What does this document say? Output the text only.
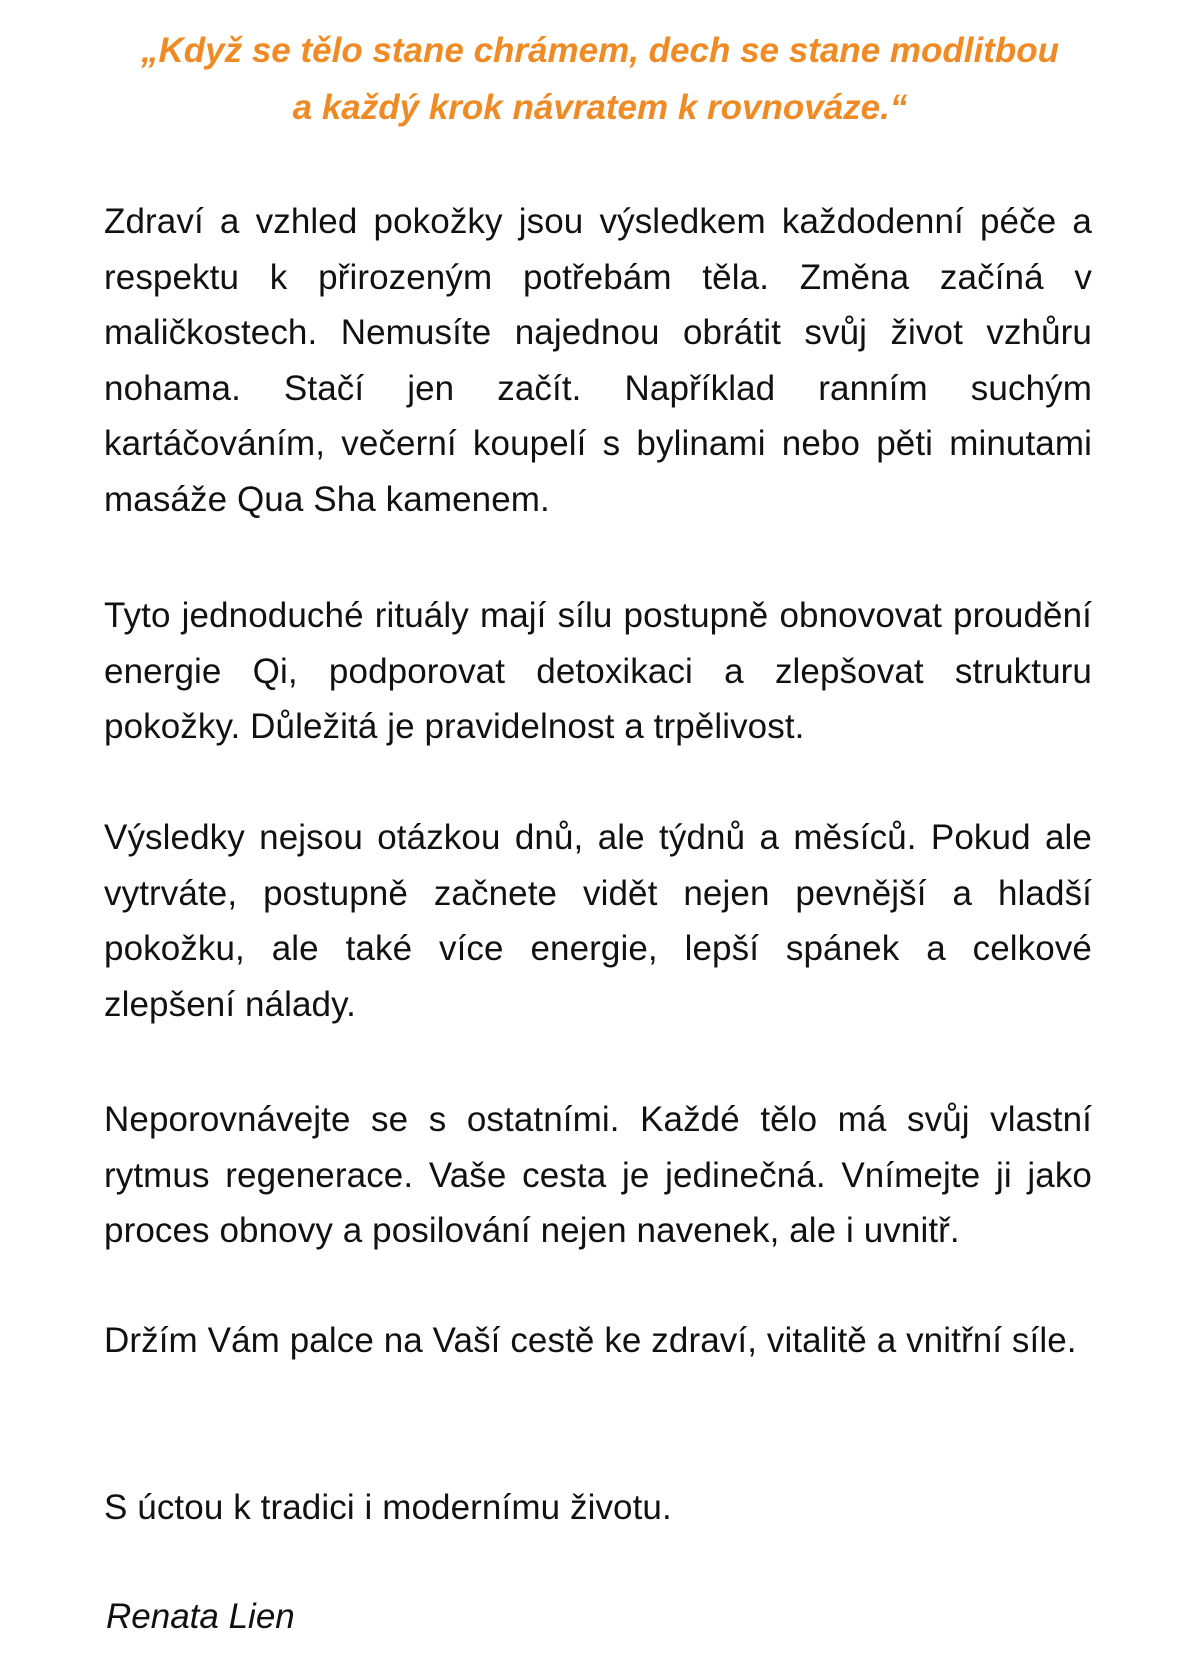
„Když se tělo stane chrámem, dech se stane modlitbou
a každý krok návratem k rovnováze.“

Zdraví a vzhled pokožky jsou výsledkem každodenní péče a respektu k přirozeným potřebám těla. Změna začíná v maličkostech. Nemusíte najednou obrátit svůj život vzhůru nohama. Stačí jen začít. Například ranním suchým kartáčováním, večerní koupelí s bylinami nebo pěti minutami masáže Qua Sha kamenem.

Tyto jednoduché rituály mají sílu postupně obnovovat proudění energie Qi, podporovat detoxikaci a zlepšovat strukturu pokožky. Důležitá je pravidelnost a trpělivost.

Výsledky nejsou otázkou dnů, ale týdnů a měsíců. Pokud ale vytrváte, postupně začnete vidět nejen pevnější a hladší pokožku, ale také více energie, lepší spánek a celkové zlepšení nálady.

Neporovnávejte se s ostatními. Každé tělo má svůj vlastní rytmus regenerace. Vaše cesta je jedinečná. Vnímejte ji jako proces obnovy a posilování nejen navenek, ale i uvnitř.

Držím Vám palce na Vaší cestě ke zdraví, vitalitě a vnitřní síle.

S úctou k tradici i modernímu životu.

Renata Lien
